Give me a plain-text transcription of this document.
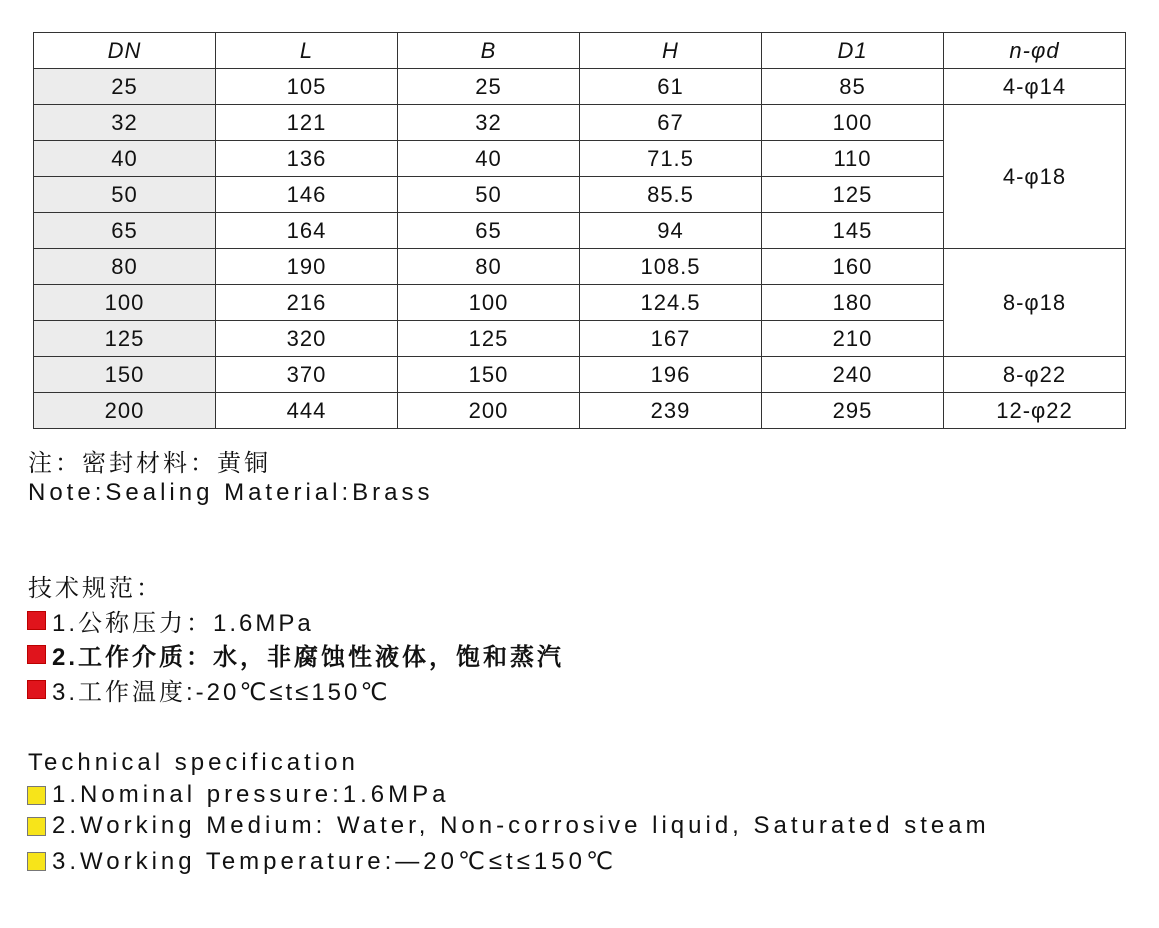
DN	L	B	H	D1	n-φd
25	105	25	61	85	4-φ14
32	121	32	67	100	4-φ18
40	136	40	71.5	110	
50	146	50	85.5	125	
65	164	65	94	145	
80	190	80	108.5	160	8-φ18
100	216	100	124.5	180	
125	320	125	167	210	
150	370	150	196	240	8-φ22
200	444	200	239	295	12-φ22
注：密封材料：黄铜
Note:Sealing Material:Brass
技术规范：
1.公称压力：1.6MPa
2.工作介质：水，非腐蚀性液体，饱和蒸汽
3.工作温度:-20℃≤t≤150℃
Technical specification
1.Nominal pressure:1.6MPa
2.Working Medium: Water, Non-corrosive liquid, Saturated steam
3.Working Temperature:—20℃≤t≤150℃
